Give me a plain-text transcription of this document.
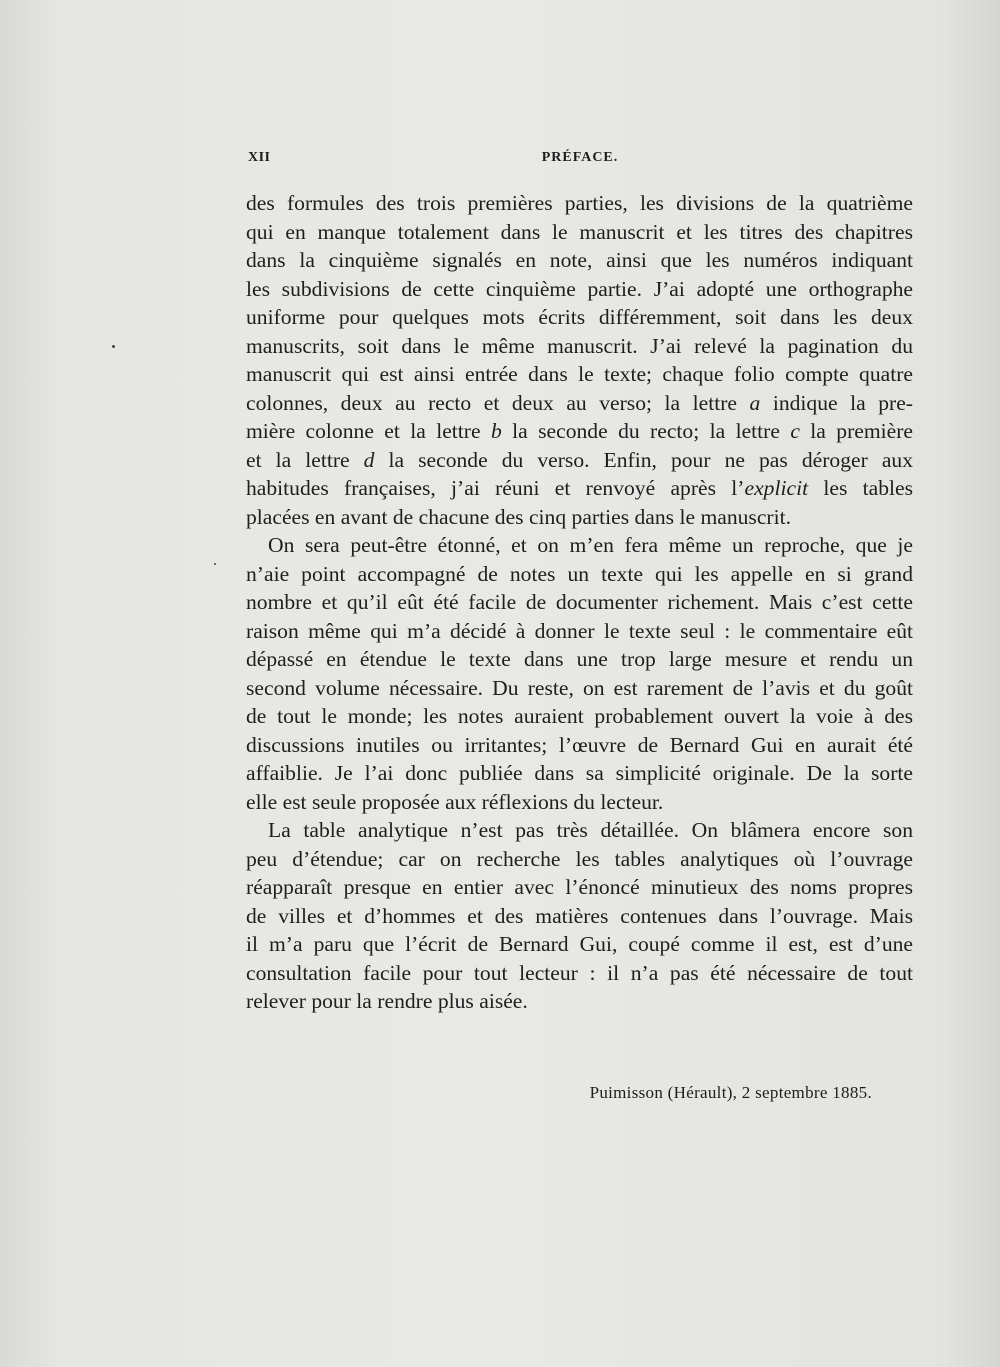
XII	PRÉFACE.
des formules des trois premières parties, les divisions de la quatrième
qui en manque totalement dans le manuscrit et les titres des chapitres
dans la cinquième signalés en note, ainsi que les numéros indiquant
les subdivisions de cette cinquième partie. J’ai adopté une orthographe
uniforme pour quelques mots écrits différemment, soit dans les deux
manuscrits, soit dans le même manuscrit. J’ai relevé la pagination du
manuscrit qui est ainsi entrée dans le texte; chaque folio compte quatre
colonnes, deux au recto et deux au verso; la lettre a indique la pre-
mière colonne et la lettre b la seconde du recto; la lettre c la première
et la lettre d la seconde du verso. Enfin, pour ne pas déroger aux
habitudes françaises, j’ai réuni et renvoyé après l’explicit les tables
placées en avant de chacune des cinq parties dans le manuscrit.
On sera peut-être étonné, et on m’en fera même un reproche, que je
n’aie point accompagné de notes un texte qui les appelle en si grand
nombre et qu’il eût été facile de documenter richement. Mais c’est cette
raison même qui m’a décidé à donner le texte seul : le commentaire eût
dépassé en étendue le texte dans une trop large mesure et rendu un
second volume nécessaire. Du reste, on est rarement de l’avis et du goût
de tout le monde; les notes auraient probablement ouvert la voie à des
discussions inutiles ou irritantes; l’œuvre de Bernard Gui en aurait été
affaiblie. Je l’ai donc publiée dans sa simplicité originale. De la sorte
elle est seule proposée aux réflexions du lecteur.
La table analytique n’est pas très détaillée. On blâmera encore son
peu d’étendue; car on recherche les tables analytiques où l’ouvrage
réapparaît presque en entier avec l’énoncé minutieux des noms propres
de villes et d’hommes et des matières contenues dans l’ouvrage. Mais
il m’a paru que l’écrit de Bernard Gui, coupé comme il est, est d’une
consultation facile pour tout lecteur : il n’a pas été nécessaire de tout
relever pour la rendre plus aisée.
Puimisson (Hérault), 2 septembre 1885.
